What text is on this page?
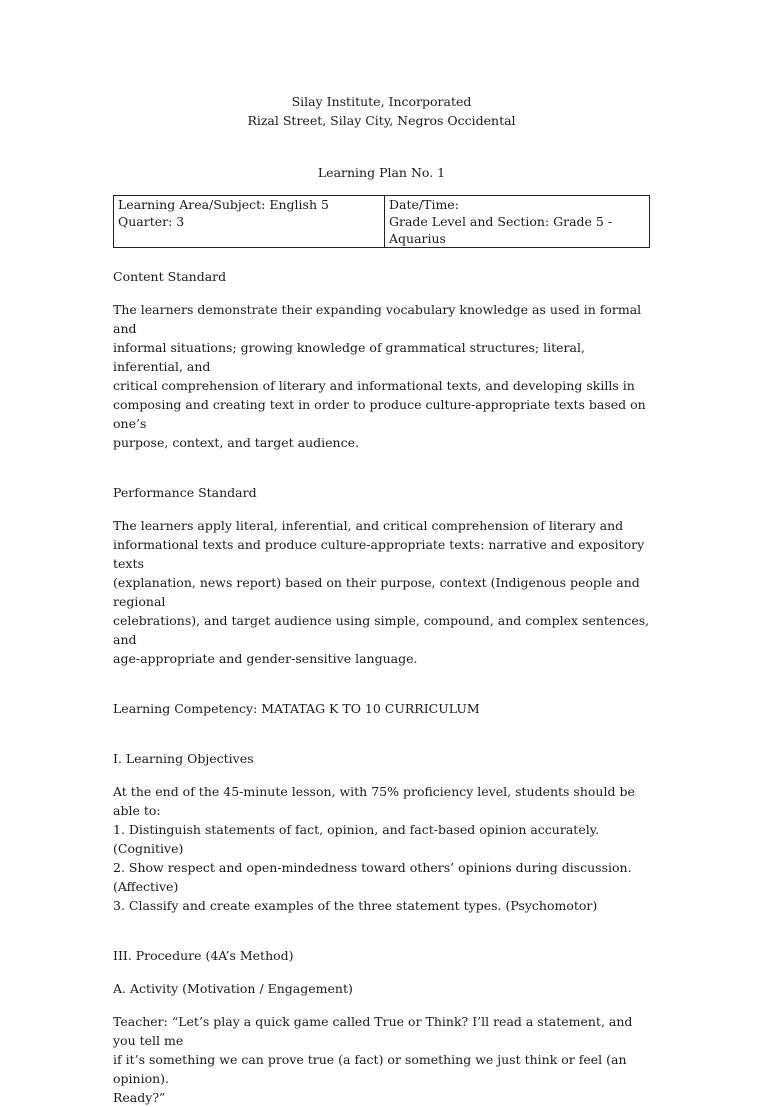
Silay Institute, Incorporated
Rizal Street, Silay City, Negros Occidental
Learning Plan No. 1
Learning Area/Subject: English 5
Quarter: 3

Date/Time:
Grade Level and Section: Grade 5 -
Aquarius
Content Standard
The learners demonstrate their expanding vocabulary knowledge as used in formal and
informal situations; growing knowledge of grammatical structures; literal, inferential, and
critical comprehension of literary and informational texts, and developing skills in
composing and creating text in order to produce culture-appropriate texts based on one’s
purpose, context, and target audience.
Performance Standard
The learners apply literal, inferential, and critical comprehension of literary and
informational texts and produce culture-appropriate texts: narrative and expository texts
(explanation, news report) based on their purpose, context (Indigenous people and regional
celebrations), and target audience using simple, compound, and complex sentences, and
age-appropriate and gender-sensitive language.
Learning Competency: MATATAG K TO 10 CURRICULUM
I. Learning Objectives
At the end of the 45-minute lesson, with 75% proficiency level, students should be able to:
1. Distinguish statements of fact, opinion, and fact-based opinion accurately. (Cognitive)
2. Show respect and open-mindedness toward others’ opinions during discussion.
(Affective)
3. Classify and create examples of the three statement types. (Psychomotor)
III. Procedure (4A’s Method)
A. Activity (Motivation / Engagement)
Teacher: “Let’s play a quick game called True or Think? I’ll read a statement, and you tell me
if it’s something we can prove true (a fact) or something we just think or feel (an opinion).
Ready?”
